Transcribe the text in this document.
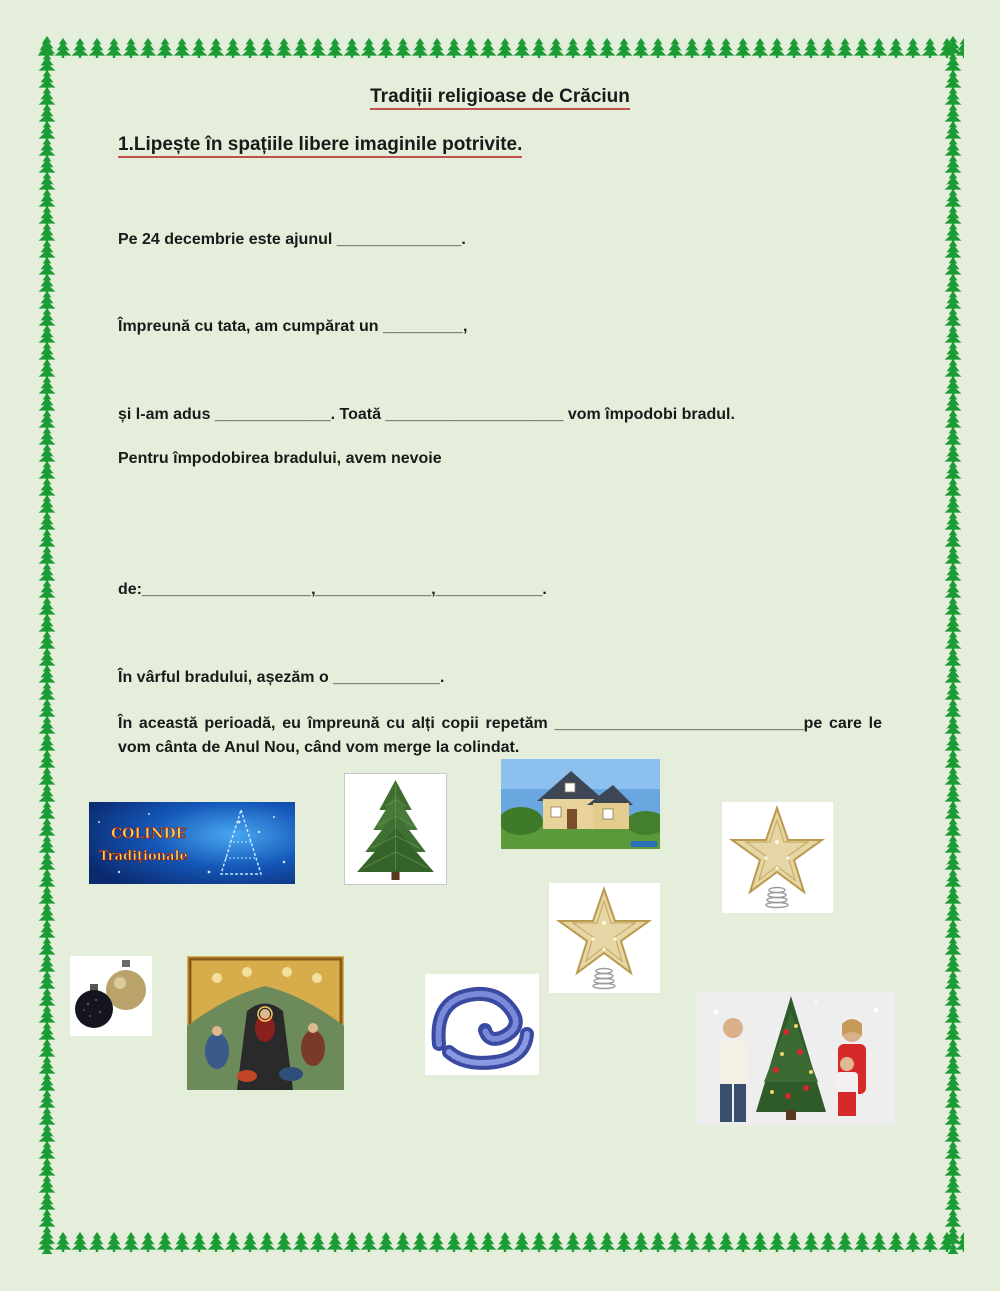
Tradiții religioase de Crăciun
1.Lipește în spațiile libere imaginile potrivite.
Pe 24 decembrie este ajunul ______________.
Împreună cu tata, am cumpărat un _________,
și l-am adus _____________. Toată ____________________ vom împodobi bradul.
Pentru împodobirea bradului, avem nevoie
de:___________________,_____________,____________.
În vârful bradului, așezăm o ____________.
În această perioadă, eu împreună cu alți copii repetăm ____________________________pe care le vom cânta de Anul Nou, când vom merge la colindat.
COLINDE
Tradiționale
